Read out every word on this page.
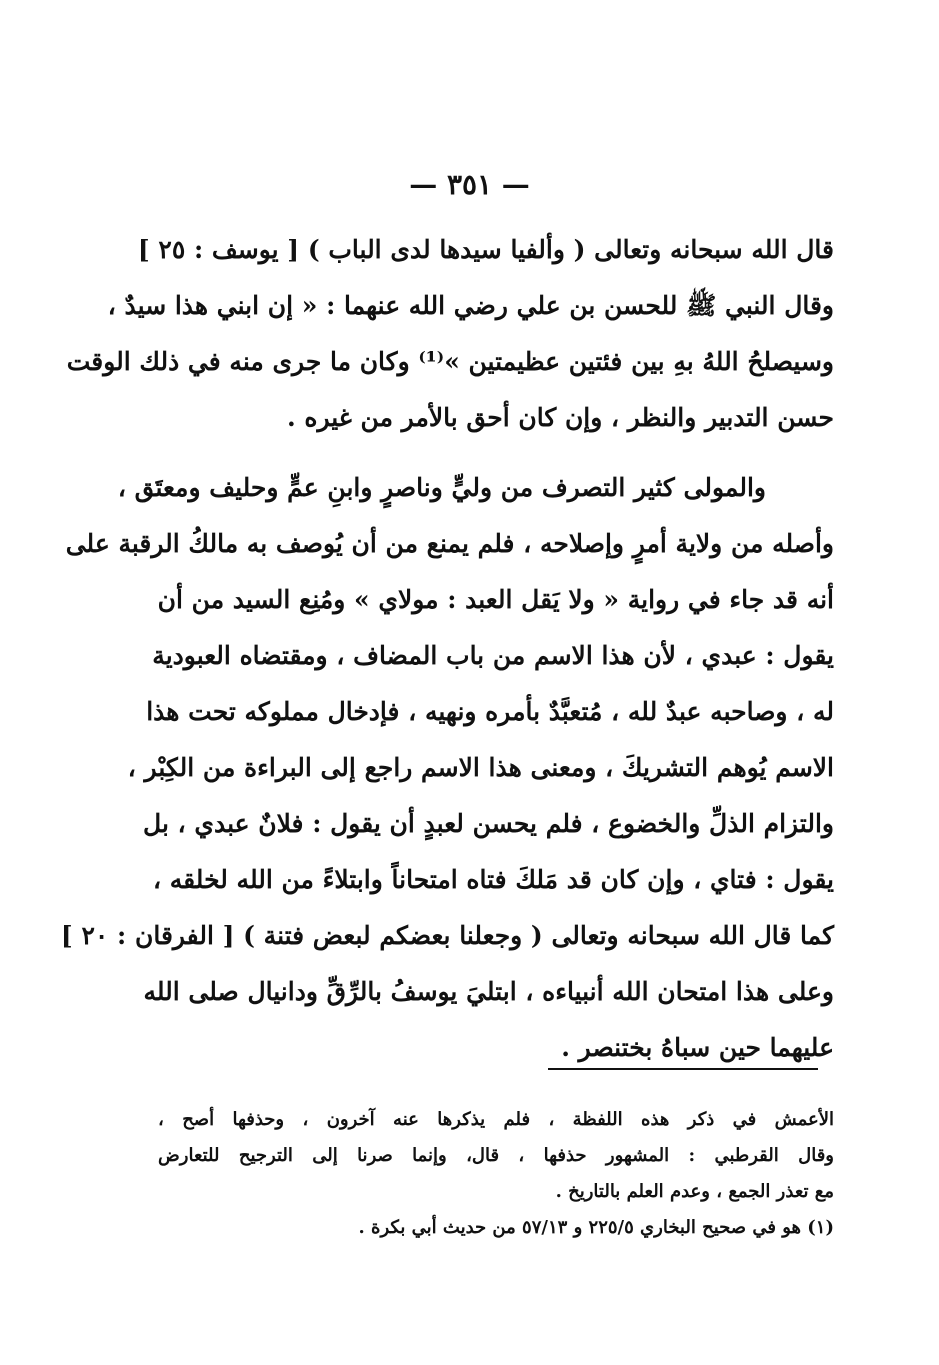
— ٣٥١ —
قال الله سبحانه وتعالى ( وألفيا سيدها لدى الباب ) [ يوسف : ٢٥ ]
وقال النبي ﷺ للحسن بن علي رضي الله عنهما : « إن ابني هذا سيدٌ ،
وسيصلحُ اللهُ بهِ بين فئتين عظيمتين »⁽¹⁾ وكان ما جرى منه في ذلك الوقت
حسن التدبير والنظر ، وإن كان أحق بالأمر من غيره .
والمولى كثير التصرف من وليٍّ وناصرٍ وابنِ عمٍّ وحليف ومعتَق ،
وأصله من ولاية أمرٍ وإصلاحه ، فلم يمنع من أن يُوصف به مالكُ الرقبة على
أنه قد جاء في رواية « ولا يَقل العبد : مولاي » ومُنِع السيد من أن
يقول : عبدي ، لأن هذا الاسم من باب المضاف ، ومقتضاه العبودية
له ، وصاحبه عبدٌ لله ، مُتعبَّدٌ بأمره ونهيه ، فإدخال مملوكه تحت هذا
الاسم يُوهم التشريكَ ، ومعنى هذا الاسم راجع إلى البراءة من الكِبْر ،
والتزام الذلِّ والخضوع ، فلم يحسن لعبدٍ أن يقول : فلانٌ عبدي ، بل
يقول : فتاي ، وإن كان قد مَلكَ فتاه امتحاناً وابتلاءً من الله لخلقه ،
كما قال الله سبحانه وتعالى ( وجعلنا بعضكم لبعض فتنة ) [ الفرقان : ٢٠ ]
وعلى هذا امتحان الله أنبياءه ، ابتليَ يوسفُ بالرِّقِّ ودانيال صلى الله
عليهما حين سباهُ بختنصر .
الأعمش في ذكر هذه اللفظة ، فلم يذكرها عنه آخرون ، وحذفها أصح ،
وقال القرطبي : المشهور حذفها ، قال، وإنما صرنا إلى الترجيح للتعارض
مع تعذر الجمع ، وعدم العلم بالتاريخ .
(١) هو في صحيح البخاري ٢٢٥/٥ و ٥٧/١٣ من حديث أبي بكرة .
